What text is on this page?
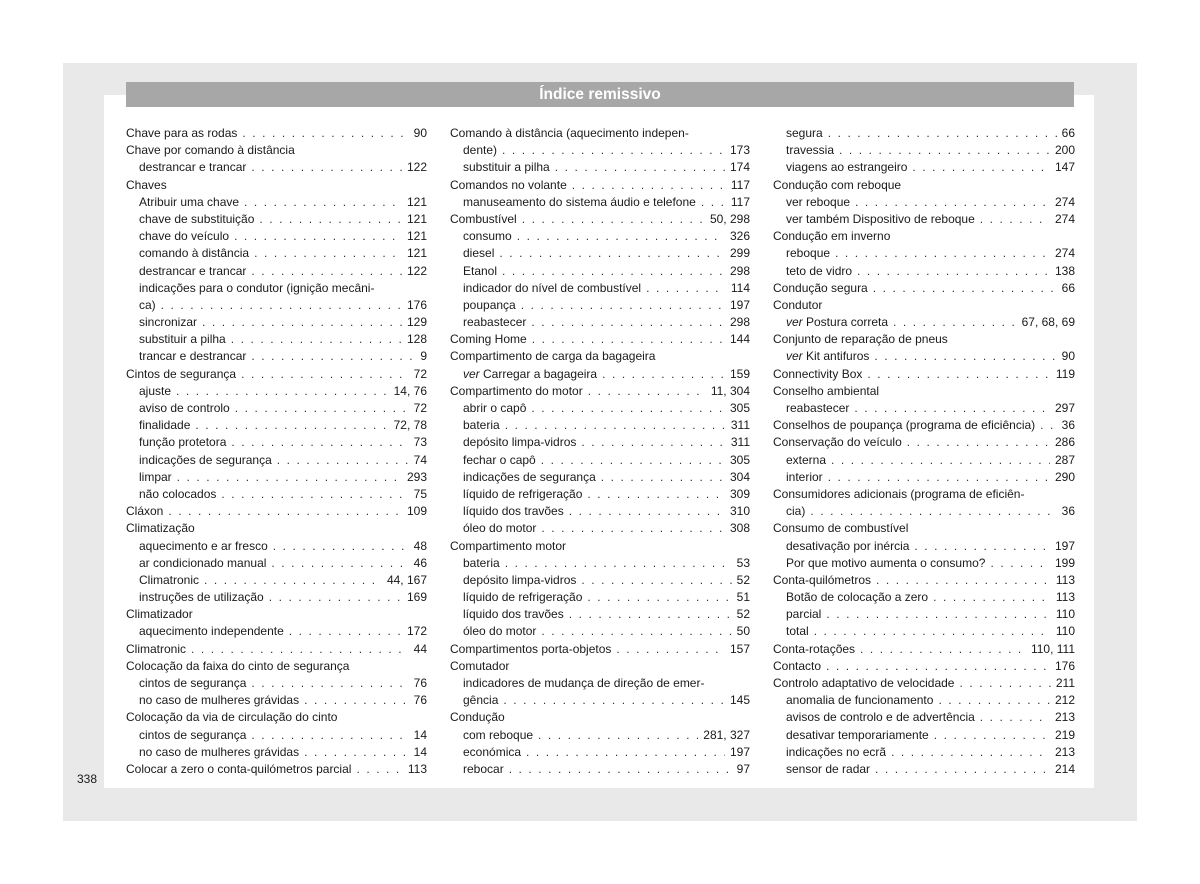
Índice remissivo
Chave para as rodas . . .	90
Chave por comando à distância
destrancar e trancar . . .	122
Chaves
Atribuir uma chave . . .	121
chave de substituição . . .	121
chave do veículo . . .	121
comando à distância . . .	121
destrancar e trancar . . .	122
indicações para o condutor (ignição mecâni-
ca) . . .	176
sincronizar . . .	129
substituir a pilha . . .	128
trancar e destrancar . . .	9
Cintos de segurança . . .	72
ajuste . . .	14, 76
aviso de controlo . . .	72
finalidade . . .	72, 78
função protetora . . .	73
indicações de segurança . . .	74
limpar . . .	293
não colocados . . .	75
Cláxon . . .	109
Climatização
aquecimento e ar fresco . . .	48
ar condicionado manual . . .	46
Climatronic . . .	44, 167
instruções de utilização . . .	169
Climatizador
aquecimento independente . . .	172
Climatronic . . .	44
Colocação da faixa do cinto de segurança
cintos de segurança . . .	76
no caso de mulheres grávidas . . .	76
Colocação da via de circulação do cinto
cintos de segurança . . .	14
no caso de mulheres grávidas . . .	14
Colocar a zero o conta-quilómetros parcial . . .	113
Comando à distância (aquecimento indepen-
dente) . . .	173
substituir a pilha . . .	174
Comandos no volante . . .	117
manuseamento do sistema áudio e telefone . . .	117
Combustível . . .	50, 298
consumo . . .	326
diesel . . .	299
Etanol . . .	298
indicador do nível de combustível . . .	114
poupança . . .	197
reabastecer . . .	298
Coming Home . . .	144
Compartimento de carga da bagageira
ver Carregar a bagageira . . .	159
Compartimento do motor . . .	11, 304
abrir o capô . . .	305
bateria . . .	311
depósito limpa-vidros . . .	311
fechar o capô . . .	305
indicações de segurança . . .	304
líquido de refrigeração . . .	309
líquido dos travões . . .	310
óleo do motor . . .	308
Compartimento motor
bateria . . .	53
depósito limpa-vidros . . .	52
líquido de refrigeração . . .	51
líquido dos travões . . .	52
óleo do motor . . .	50
Compartimentos porta-objetos . . .	157
Comutador
indicadores de mudança de direção de emer-
gência . . .	145
Condução
com reboque . . .	281, 327
económica . . .	197
rebocar . . .	97
segura . . .	66
travessia . . .	200
viagens ao estrangeiro . . .	147
Condução com reboque
ver reboque . . .	274
ver também Dispositivo de reboque . . .	274
Condução em inverno
reboque . . .	274
teto de vidro . . .	138
Condução segura . . .	66
Condutor
ver Postura correta . . .	67, 68, 69
Conjunto de reparação de pneus
ver Kit antifuros . . .	90
Connectivity Box . . .	119
Conselho ambiental
reabastecer . . .	297
Conselhos de poupança (programa de eficiência) . . . 36
Conservação do veículo . . .	286
externa . . .	287
interior . . .	290
Consumidores adicionais (programa de eficiên-
cia) . . .	36
Consumo de combustível
desativação por inércia . . .	197
Por que motivo aumenta o consumo? . . .	199
Conta-quilómetros . . .	113
Botão de colocação a zero . . .	113
parcial . . .	110
total . . .	110
Conta-rotações . . .	110, 111
Contacto . . .	176
Controlo adaptativo de velocidade . . .	211
anomalia de funcionamento . . .	212
avisos de controlo e de advertência . . .	213
desativar temporariamente . . .	219
indicações no ecrã . . .	213
sensor de radar . . .	214
338
